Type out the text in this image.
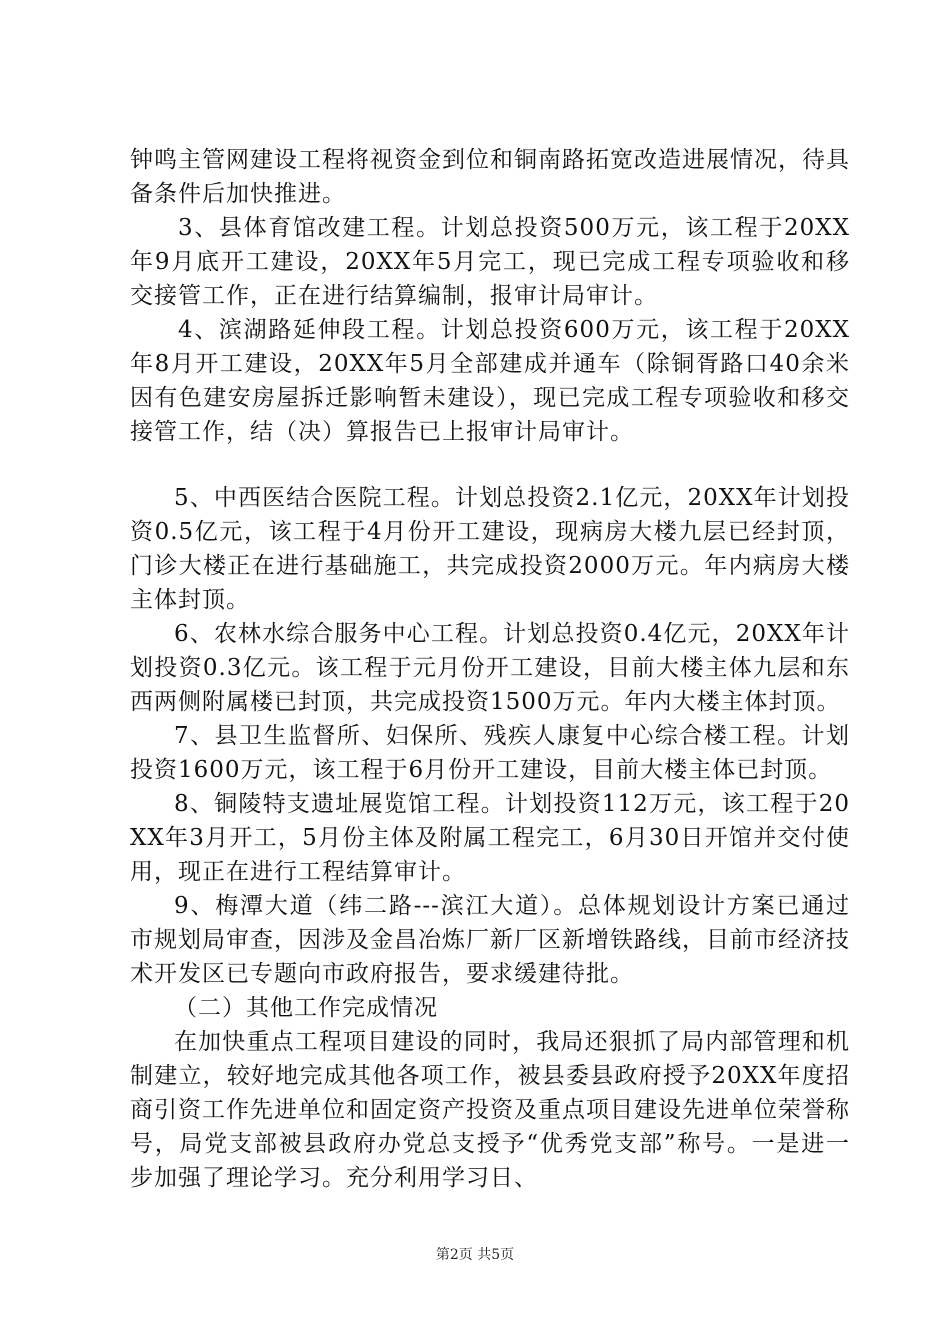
钟鸣主管网建设工程将视资金到位和铜南路拓宽改造进展情况，待具备条件后加快推进。

3、县体育馆改建工程。计划总投资500万元，该工程于20XX年9月底开工建设，20XX年5月完工，现已完成工程专项验收和移交接管工作，正在进行结算编制，报审计局审计。

4、滨湖路延伸段工程。计划总投资600万元，该工程于20XX年8月开工建设，20XX年5月全部建成并通车（除铜胥路口40余米因有色建安房屋拆迁影响暂未建设），现已完成工程专项验收和移交接管工作，结（决）算报告已上报审计局审计。

5、中西医结合医院工程。计划总投资2.1亿元，20XX年计划投资0.5亿元，该工程于4月份开工建设，现病房大楼九层已经封顶，门诊大楼正在进行基础施工，共完成投资2000万元。年内病房大楼主体封顶。

6、农林水综合服务中心工程。计划总投资0.4亿元，20XX年计划投资0.3亿元。该工程于元月份开工建设，目前大楼主体九层和东西两侧附属楼已封顶，共完成投资1500万元。年内大楼主体封顶。

7、县卫生监督所、妇保所、残疾人康复中心综合楼工程。计划投资1600万元，该工程于6月份开工建设，目前大楼主体已封顶。

8、铜陵特支遗址展览馆工程。计划投资112万元，该工程于20XX年3月开工，5月份主体及附属工程完工，6月30日开馆并交付使用，现正在进行工程结算审计。

9、梅潭大道（纬二路---滨江大道）。总体规划设计方案已通过市规划局审查，因涉及金昌冶炼厂新厂区新增铁路线，目前市经济技术开发区已专题向市政府报告，要求缓建待批。

（二）其他工作完成情况

在加快重点工程项目建设的同时，我局还狠抓了局内部管理和机制建立，较好地完成其他各项工作，被县委县政府授予20XX年度招商引资工作先进单位和固定资产投资及重点项目建设先进单位荣誉称号，局党支部被县政府办党总支授予“优秀党支部”称号。一是进一步加强了理论学习。充分利用学习日、

第2页 共5页
